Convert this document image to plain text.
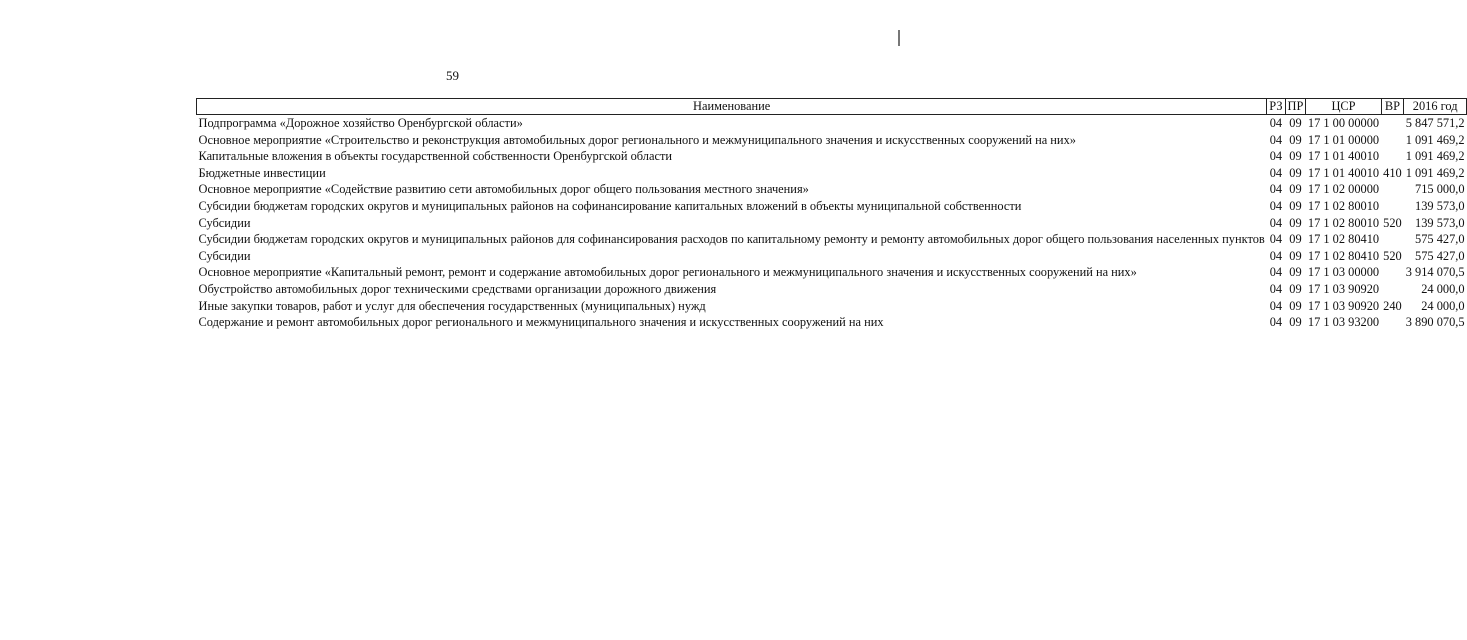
59
Наименование	РЗ	ПР	ЦСР	ВР	2016 год
Подпрограмма «Дорожное хозяйство Оренбургской области»	04	09	17 1 00 00000		5 847 571,2
Основное мероприятие «Строительство и реконструкция автомобильных дорог регионального и межмуниципального значения и искусственных сооружений на них»	04	09	17 1 01 00000		1 091 469,2
Капитальные вложения в объекты государственной собственности Оренбургской области	04	09	17 1 01 40010		1 091 469,2
Бюджетные инвестиции	04	09	17 1 01 40010	410	1 091 469,2
Основное мероприятие «Содействие развитию сети автомобильных дорог общего пользования местного значения»	04	09	17 1 02 00000		715 000,0
Субсидии бюджетам городских округов и муниципальных районов на софинансирование капитальных вложений в объекты муниципальной собственности	04	09	17 1 02 80010		139 573,0
Субсидии	04	09	17 1 02 80010	520	139 573,0
Субсидии бюджетам городских округов и муниципальных районов для софинансирования расходов по капитальному ремонту и ремонту автомобильных дорог общего пользования населенных пунктов	04	09	17 1 02 80410		575 427,0
Субсидии	04	09	17 1 02 80410	520	575 427,0
Основное мероприятие «Капитальный ремонт, ремонт и содержание автомобильных дорог регионального и межмуниципального значения и искусственных сооружений на них»	04	09	17 1 03 00000		3 914 070,5
Обустройство автомобильных дорог техническими средствами организации дорожного движения	04	09	17 1 03 90920		24 000,0
Иные закупки товаров, работ и услуг для обеспечения государственных (муниципальных) нужд	04	09	17 1 03 90920	240	24 000,0
Содержание и ремонт автомобильных дорог регионального и межмуниципального значения и искусственных сооружений на них	04	09	17 1 03 93200		3 890 070,5
